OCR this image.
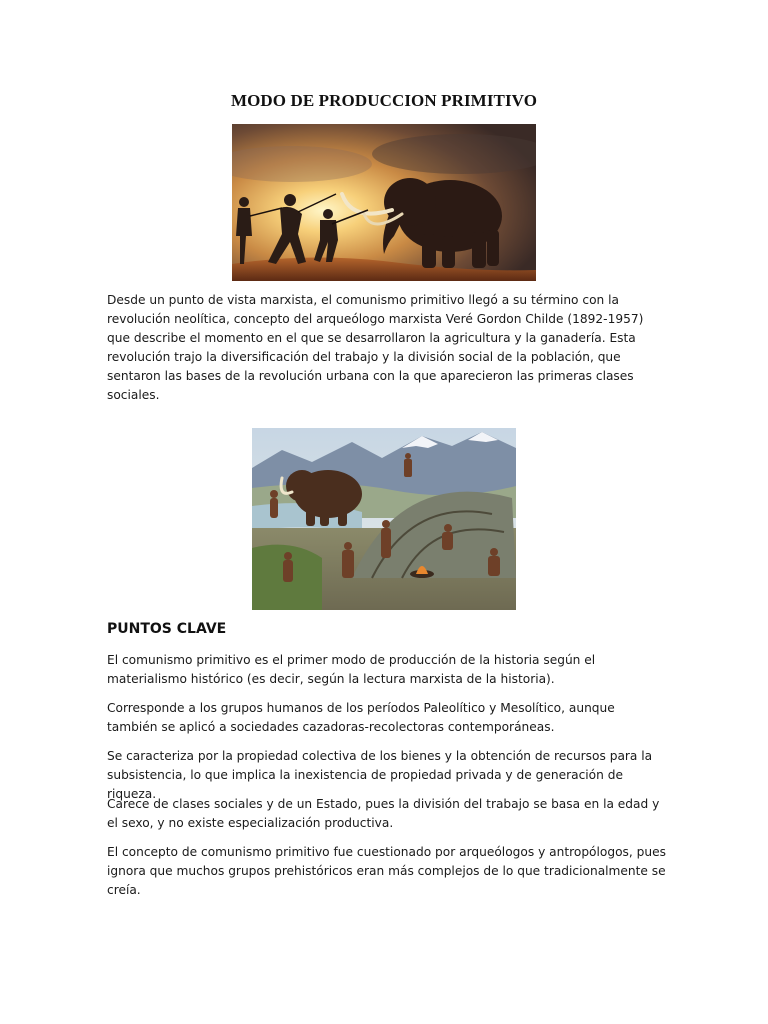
MODO DE PRODUCCION PRIMITIVO
Desde un punto de vista marxista, el comunismo primitivo llegó a su término con la revolución neolítica, concepto del arqueólogo marxista Veré Gordon Childe (1892-1957) que describe el momento en el que se desarrollaron la agricultura y la ganadería. Esta revolución trajo la diversificación del trabajo y la división social de la población, que sentaron las bases de la revolución urbana con la que aparecieron las primeras clases sociales.
PUNTOS CLAVE
El comunismo primitivo es el primer modo de producción de la historia según el materialismo histórico (es decir, según la lectura marxista de la historia).
Corresponde a los grupos humanos de los períodos Paleolítico y Mesolítico, aunque también se aplicó a sociedades cazadoras-recolectoras contemporáneas.
Se caracteriza por la propiedad colectiva de los bienes y la obtención de recursos para la subsistencia, lo que implica la inexistencia de propiedad privada y de generación de riqueza.
Carece de clases sociales y de un Estado, pues la división del trabajo se basa en la edad y el sexo, y no existe especialización productiva.
El concepto de comunismo primitivo fue cuestionado por arqueólogos y antropólogos, pues ignora que muchos grupos prehistóricos eran más complejos de lo que tradicionalmente se creía.
